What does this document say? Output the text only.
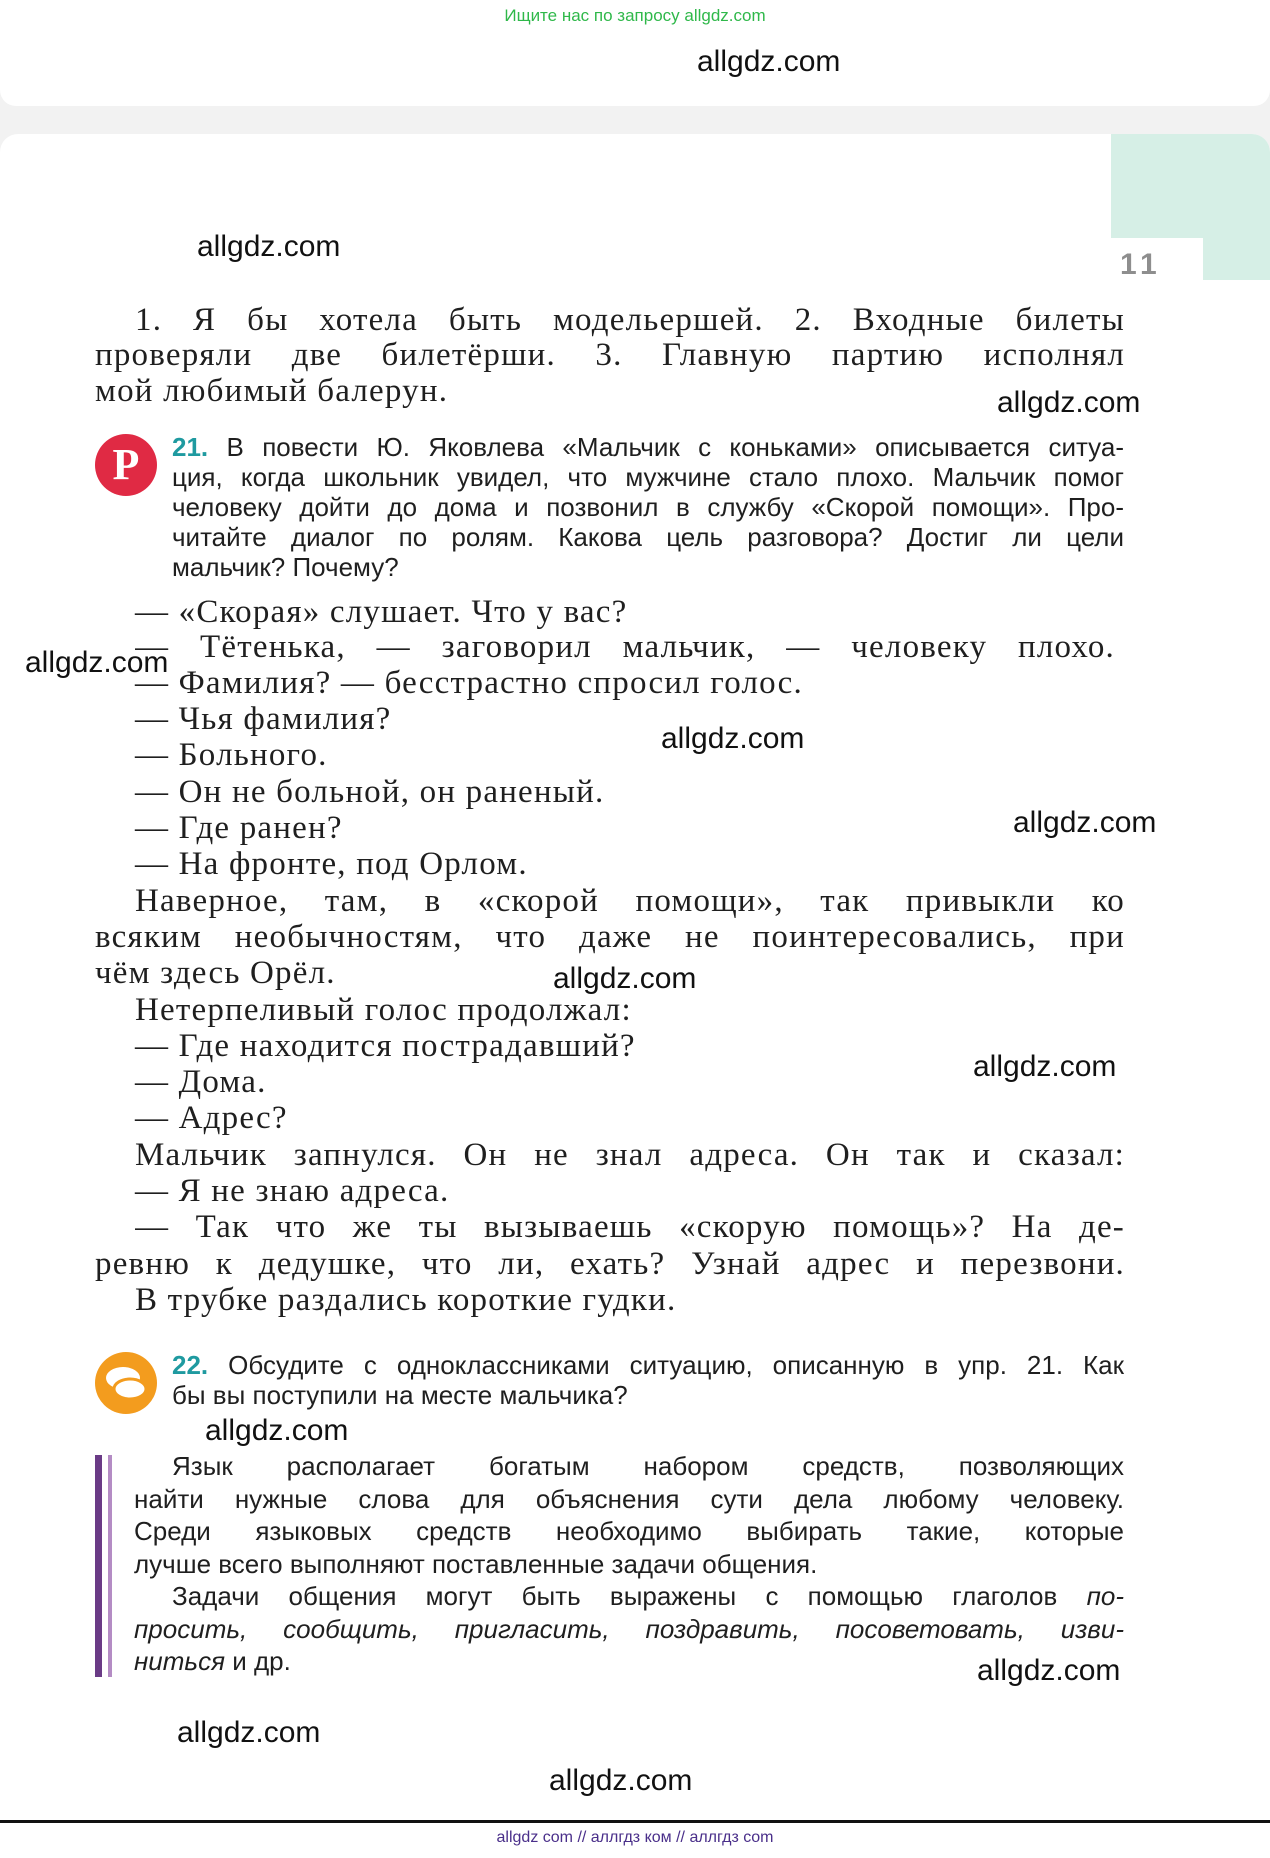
Ищите нас по запросу allgdz.com
allgdz.com
11
1. Я бы хотела быть модельершей. 2. Входные билеты
проверяли две билетёрши. 3. Главную партию исполнял
мой любимый балерун.
Р	21. В повести Ю. Яковлева «Мальчик с коньками» описывается ситуа-
ция, когда школьник увидел, что мужчине стало плохо. Мальчик помог
человеку дойти до дома и позвонил в службу «Скорой помощи». Про-
читайте диалог по ролям. Какова цель разговора? Достиг ли цели
мальчик? Почему?
— «Скорая» слушает. Что у вас?
— Тётенька, — заговорил мальчик, — человеку плохо.
— Фамилия? — бесстрастно спросил голос.
— Чья фамилия?
— Больного.
— Он не больной, он раненый.
— Где ранен?
— На фронте, под Орлом.
Наверное, там, в «скорой помощи», так привыкли ко
всяким необычностям, что даже не поинтересовались, при
чём здесь Орёл.
Нетерпеливый голос продолжал:
— Где находится пострадавший?
— Дома.
— Адрес?
Мальчик запнулся. Он не знал адреса. Он так и сказал:
— Я не знаю адреса.
— Так что же ты вызываешь «скорую помощь»? На де-
ревню к дедушке, что ли, ехать? Узнай адрес и перезвони.
В трубке раздались короткие гудки.
22. Обсудите с одноклассниками ситуацию, описанную в упр. 21. Как
бы вы поступили на месте мальчика?
Язык располагает богатым набором средств, позволяющих
найти нужные слова для объяснения сути дела любому человеку.
Среди языковых средств необходимо выбирать такие, которые
лучше всего выполняют поставленные задачи общения.
Задачи общения могут быть выражены с помощью глаголов по-
просить, сообщить, пригласить, поздравить, посоветовать, изви-
ниться и др.
allgdz.com
allgdz.com
allgdz.com
allgdz.com
allgdz.com
allgdz.com
allgdz.com
allgdz.com
allgdz.com
allgdz.com
allgdz.com
allgdz com // аллгдз ком // аллгдз com
